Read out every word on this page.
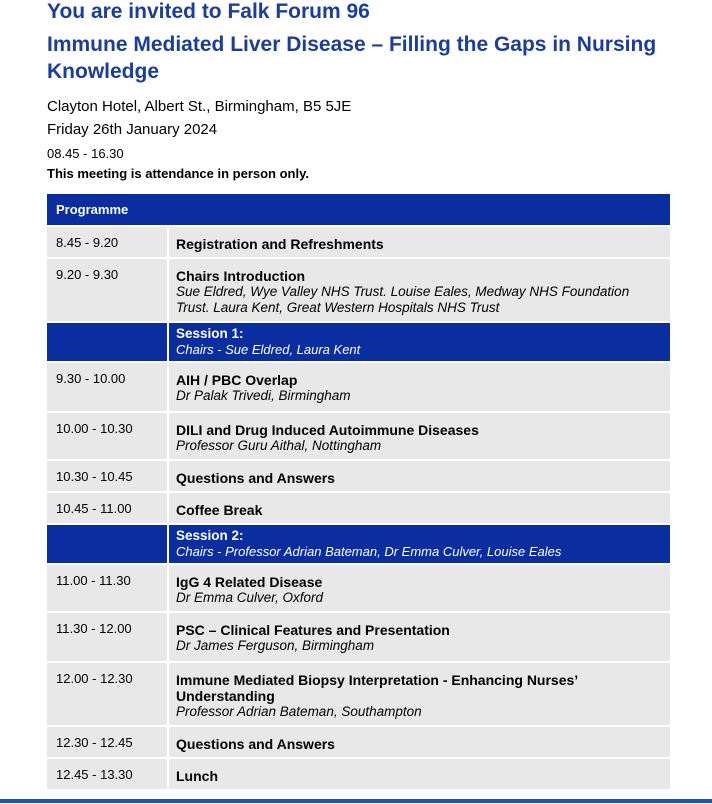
You are invited to Falk Forum 96
Immune Mediated Liver Disease – Filling the Gaps in Nursing Knowledge

Clayton Hotel, Albert St., Birmingham, B5 5JE

Friday 26th January 2024

08.45 - 16.30

This meeting is attendance in person only.

Programme	
8.45 - 9.20	Registration and Refreshments

9.20 - 9.30	Chairs Introduction
Sue Eldred, Wye Valley NHS Trust. Louise Eales, Medway NHS Foundation Trust. Laura Kent, Great Western Hospitals NHS Trust

	Session 1:
Chairs - Sue Eldred, Laura Kent

9.30 - 10.00	AIH / PBC Overlap
Dr Palak Trivedi, Birmingham

10.00 - 10.30	DILI and Drug Induced Autoimmune Diseases
Professor Guru Aithal, Nottingham

10.30 - 10.45	Questions and Answers

10.45 - 11.00	Coffee Break

	Session 2:
Chairs - Professor Adrian Bateman, Dr Emma Culver, Louise Eales

11.00 - 11.30	IgG 4 Related Disease
Dr Emma Culver, Oxford

11.30 - 12.00	PSC – Clinical Features and Presentation
Dr James Ferguson, Birmingham

12.00 - 12.30	Immune Mediated Biopsy Interpretation - Enhancing Nurses’ Understanding
Professor Adrian Bateman, Southampton

12.30 - 12.45	Questions and Answers

12.45 - 13.30	Lunch
